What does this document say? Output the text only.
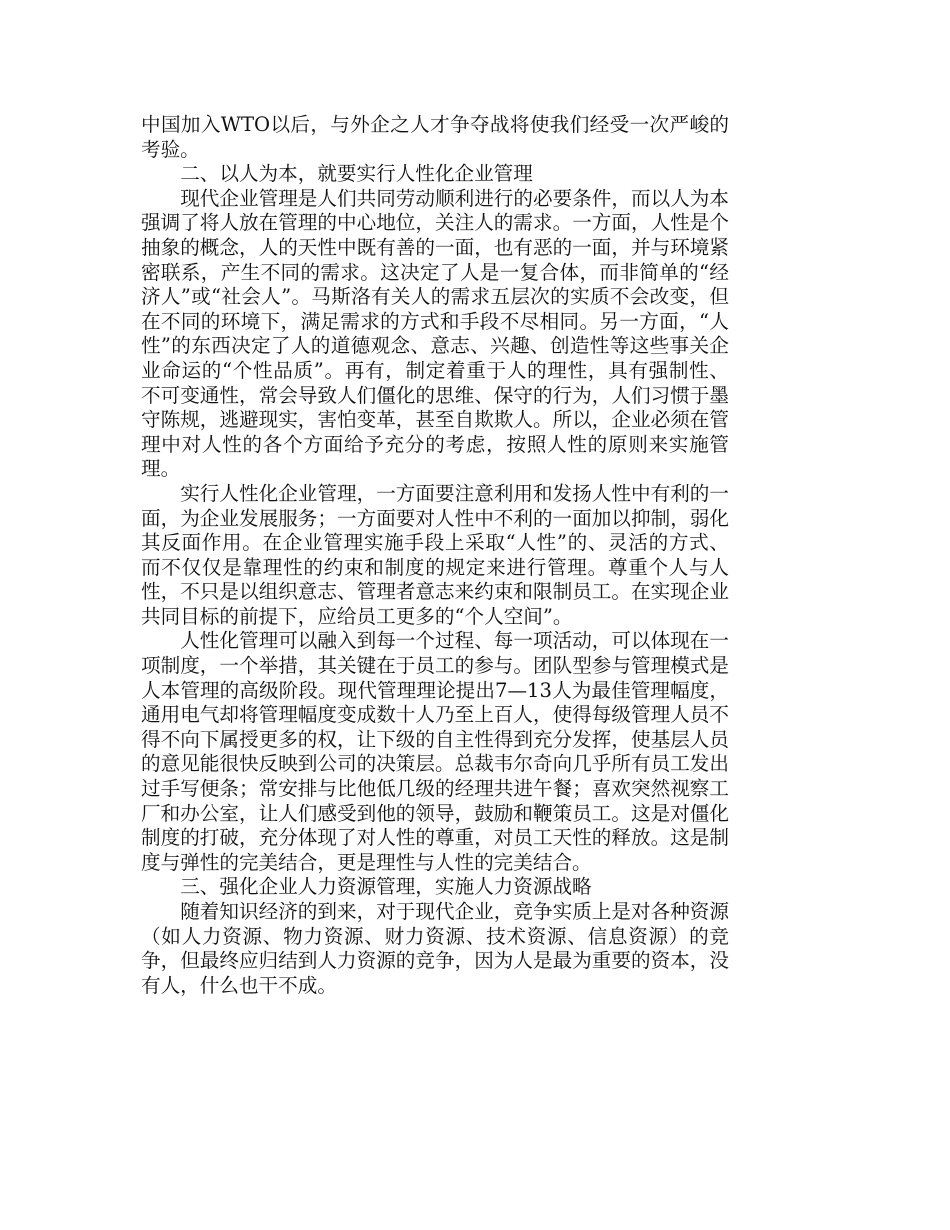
中国加入WTO以后，与外企之人才争夺战将使我们经受一次严峻的考验。

二、以人为本，就要实行人性化企业管理

现代企业管理是人们共同劳动顺利进行的必要条件，而以人为本强调了将人放在管理的中心地位，关注人的需求。一方面，人性是个抽象的概念，人的天性中既有善的一面，也有恶的一面，并与环境紧密联系，产生不同的需求。这决定了人是一复合体，而非简单的“经济人”或“社会人”。马斯洛有关人的需求五层次的实质不会改变，但在不同的环境下，满足需求的方式和手段不尽相同。另一方面，“人性”的东西决定了人的道德观念、意志、兴趣、创造性等这些事关企业命运的“个性品质”。再有，制定着重于人的理性，具有强制性、不可变通性，常会导致人们僵化的思维、保守的行为，人们习惯于墨守陈规，逃避现实，害怕变革，甚至自欺欺人。所以，企业必须在管理中对人性的各个方面给予充分的考虑，按照人性的原则来实施管理。

实行人性化企业管理，一方面要注意利用和发扬人性中有利的一面，为企业发展服务；一方面要对人性中不利的一面加以抑制，弱化其反面作用。在企业管理实施手段上采取“人性”的、灵活的方式、而不仅仅是靠理性的约束和制度的规定来进行管理。尊重个人与人性，不只是以组织意志、管理者意志来约束和限制员工。在实现企业共同目标的前提下，应给员工更多的“个人空间”。

人性化管理可以融入到每一个过程、每一项活动，可以体现在一项制度，一个举措，其关键在于员工的参与。团队型参与管理模式是人本管理的高级阶段。现代管理理论提出7—13人为最佳管理幅度，通用电气却将管理幅度变成数十人乃至上百人，使得每级管理人员不得不向下属授更多的权，让下级的自主性得到充分发挥，使基层人员的意见能很快反映到公司的决策层。总裁韦尔奇向几乎所有员工发出过手写便条；常安排与比他低几级的经理共进午餐；喜欢突然视察工厂和办公室，让人们感受到他的领导，鼓励和鞭策员工。这是对僵化制度的打破，充分体现了对人性的尊重，对员工天性的释放。这是制度与弹性的完美结合，更是理性与人性的完美结合。

三、强化企业人力资源管理，实施人力资源战略

随着知识经济的到来，对于现代企业，竞争实质上是对各种资源（如人力资源、物力资源、财力资源、技术资源、信息资源）的竞争，但最终应归结到人力资源的竞争，因为人是最为重要的资本，没有人，什么也干不成。
